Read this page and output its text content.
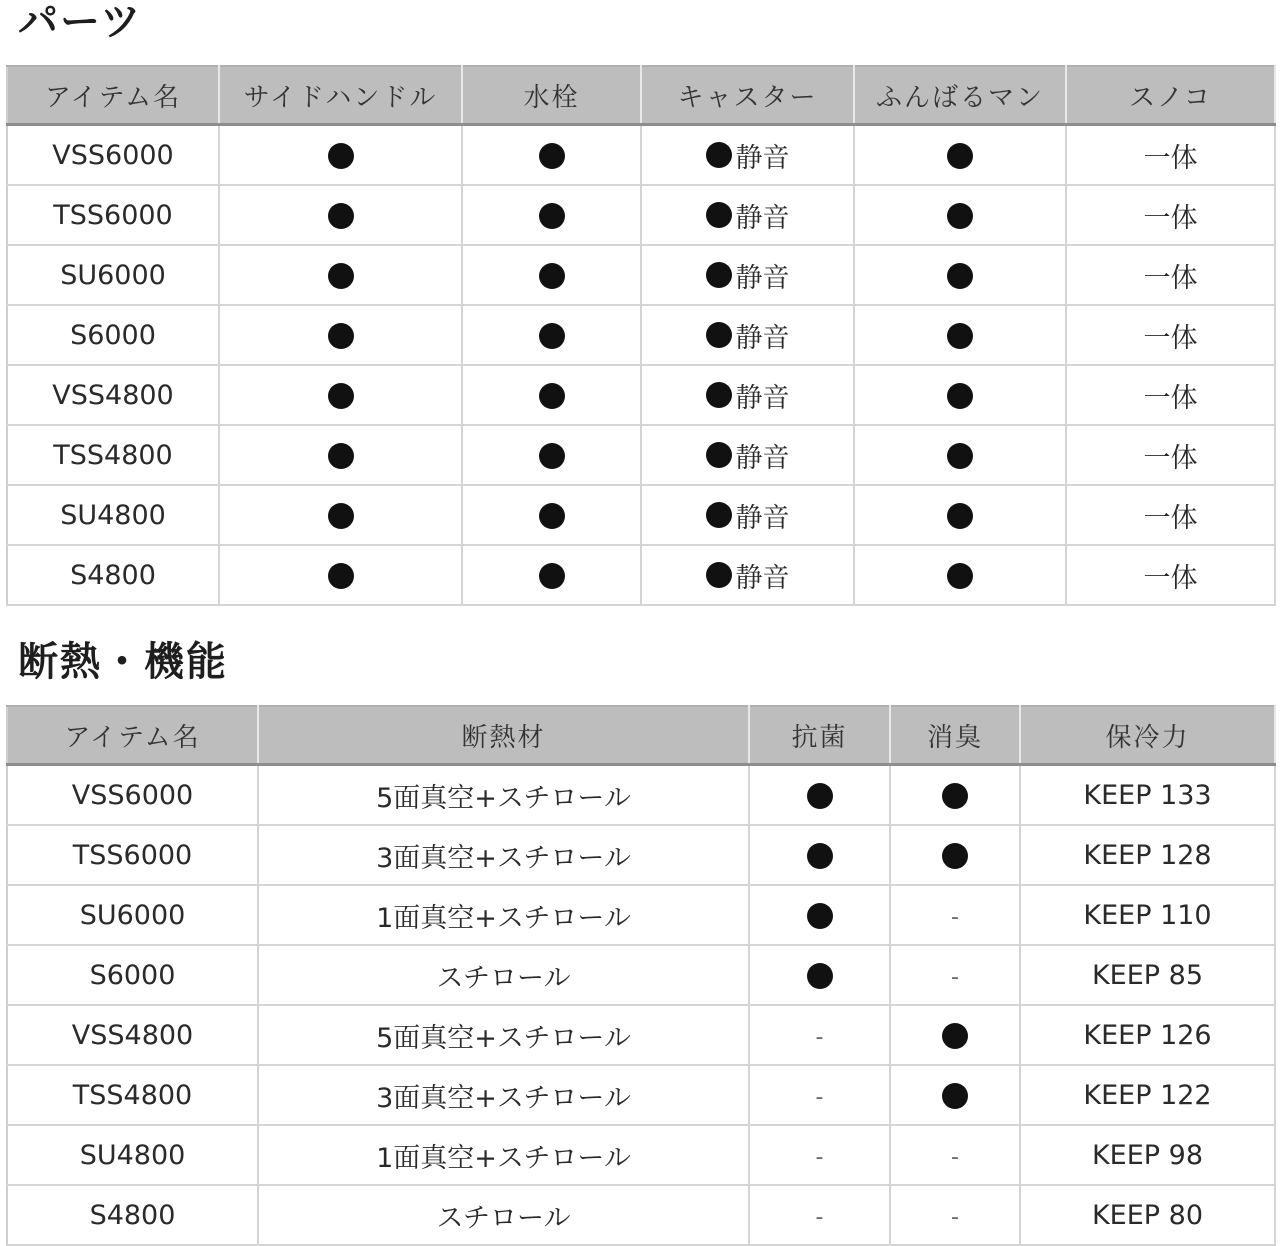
パーツ
アイテム名	サイドハンドル	水栓	キャスター	ふんばるマン	スノコ
VSS6000			静音		一体
TSS6000			静音		一体
SU6000			静音		一体
S6000			静音		一体
VSS4800			静音		一体
TSS4800			静音		一体
SU4800			静音		一体
S4800			静音		一体
断熱・機能
アイテム名	断熱材	抗菌	消臭	保冷力
VSS6000	5面真空+スチロール			KEEP 133
TSS6000	3面真空+スチロール			KEEP 128
SU6000	1面真空+スチロール		-	KEEP 110
S6000	スチロール		-	KEEP 85
VSS4800	5面真空+スチロール	-		KEEP 126
TSS4800	3面真空+スチロール	-		KEEP 122
SU4800	1面真空+スチロール	-	-	KEEP 98
S4800	スチロール	-	-	KEEP 80
